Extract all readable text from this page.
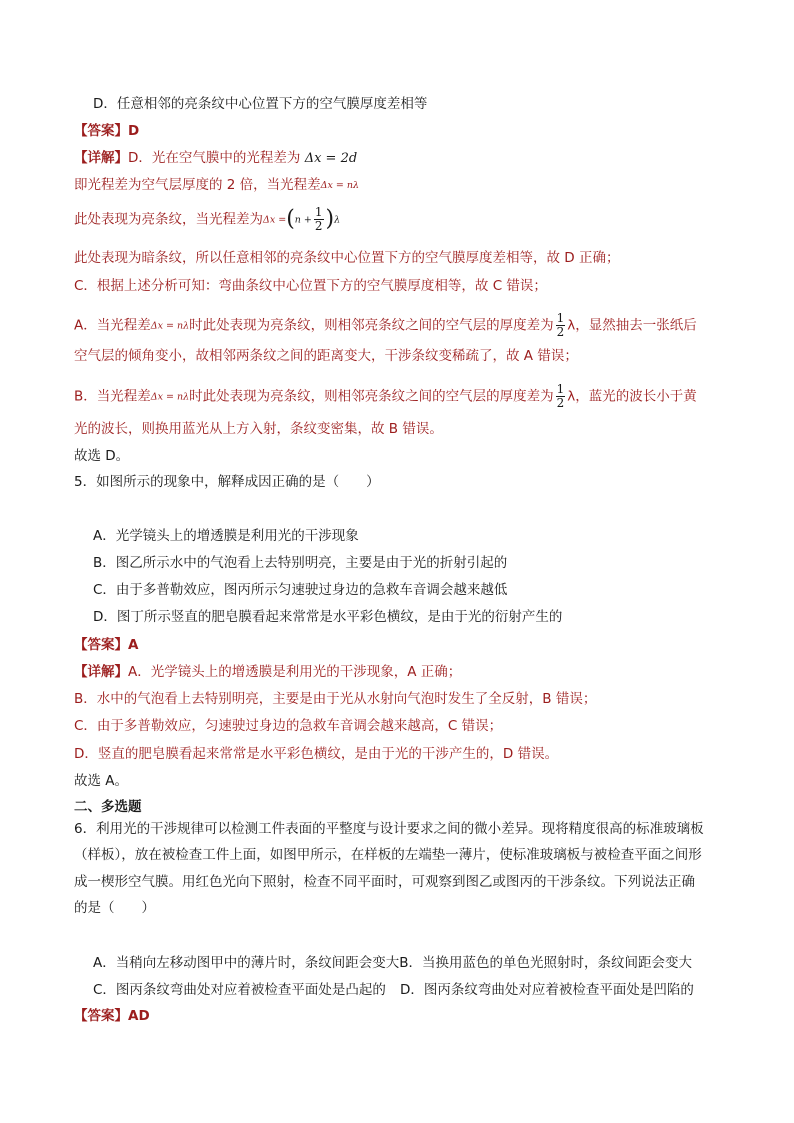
D．任意相邻的亮条纹中心位置下方的空气膜厚度差相等
【答案】D
【详解】D．光在空气膜中的光程差为 Δx = 2d
即光程差为空气层厚度的 2 倍，当光程差Δx = nλ
此处表现为亮条纹，当光程差为$\Delta x =(n + \frac{1}{2} )\lambda$
此处表现为暗条纹，所以任意相邻的亮条纹中心位置下方的空气膜厚度差相等，故 D 正确；
C．根据上述分析可知：弯曲条纹中心位置下方的空气膜厚度相等，故 C 错误；
A．当光程差Δx = nλ时此处表现为亮条纹，则相邻亮条纹之间的空气层的厚度差为 $\frac{1}{2}$ λ，显然抽去一张纸后
空气层的倾角变小，故相邻两条纹之间的距离变大，干涉条纹变稀疏了，故 A 错误；
B．当光程差Δx = nλ时此处表现为亮条纹，则相邻亮条纹之间的空气层的厚度差为 $\frac{1}{2}$ λ，蓝光的波长小于黄
光的波长，则换用蓝光从上方入射，条纹变密集，故 B 错误。
故选 D。
5．如图所示的现象中，解释成因正确的是（　　）
A．光学镜头上的增透膜是利用光的干涉现象
B．图乙所示水中的气泡看上去特别明亮，主要是由于光的折射引起的
C．由于多普勒效应，图丙所示匀速驶过身边的急救车音调会越来越低
D．图丁所示竖直的肥皂膜看起来常常是水平彩色横纹，是由于光的衍射产生的
【答案】A
【详解】A．光学镜头上的增透膜是利用光的干涉现象，A 正确；
B．水中的气泡看上去特别明亮，主要是由于光从水射向气泡时发生了全反射，B 错误；
C．由于多普勒效应，匀速驶过身边的急救车音调会越来越高，C 错误；
D．竖直的肥皂膜看起来常常是水平彩色横纹，是由于光的干涉产生的，D 错误。
故选 A。
二、多选题
6．利用光的干涉规律可以检测工件表面的平整度与设计要求之间的微小差异。现将精度很高的标准玻璃板
（样板），放在被检查工件上面，如图甲所示，在样板的左端垫一薄片，使标准玻璃板与被检查平面之间形
成一楔形空气膜。用红色光向下照射，检查不同平面时，可观察到图乙或图丙的干涉条纹。下列说法正确
的是（　　）
A．当稍向左移动图甲中的薄片时，条纹间距会变大B．当换用蓝色的单色光照射时，条纹间距会变大
C．图丙条纹弯曲处对应着被检查平面处是凸起的 D．图丙条纹弯曲处对应着被检查平面处是凹陷的
【答案】AD
